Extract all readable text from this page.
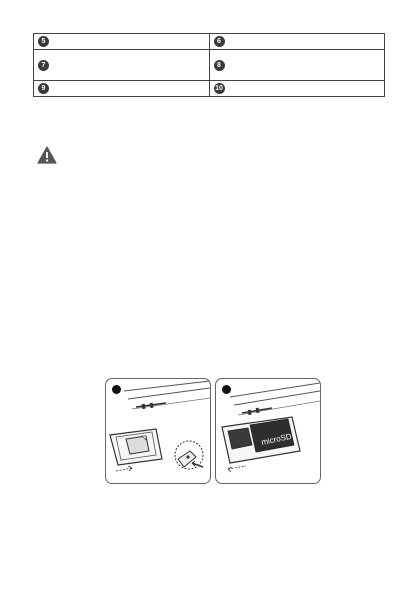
5	6
7	8
9	10
microSD
